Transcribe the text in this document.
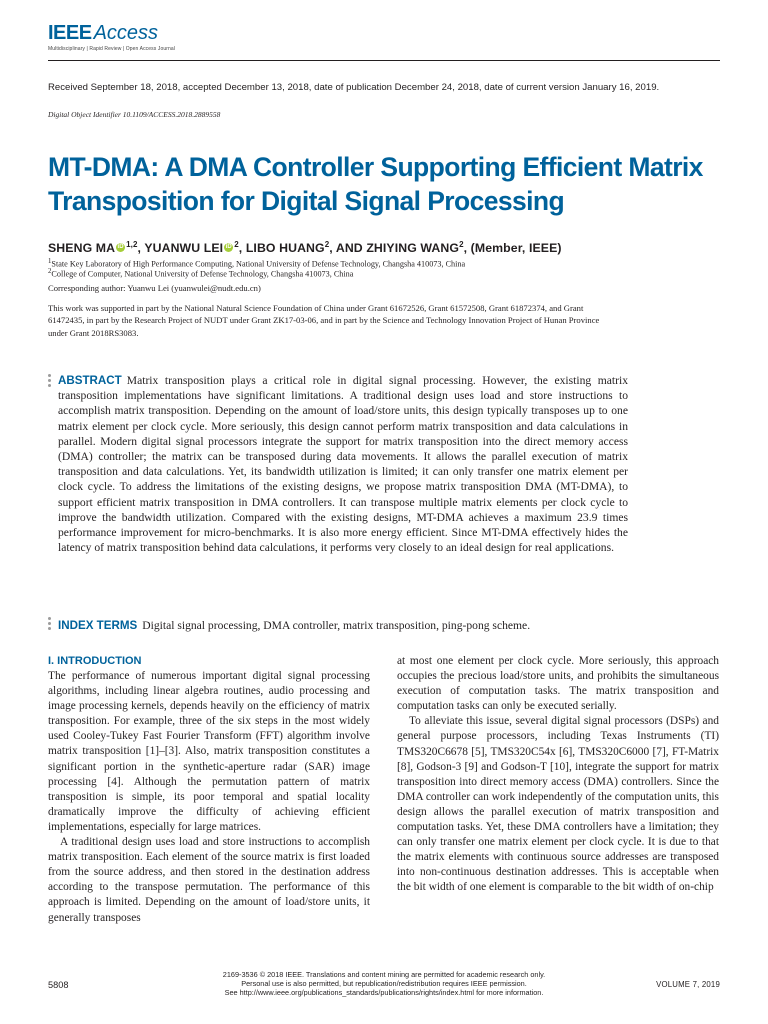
IEEE Access
Multidisciplinary | Rapid Review | Open Access Journal
Received September 18, 2018, accepted December 13, 2018, date of publication December 24, 2018, date of current version January 16, 2019.
Digital Object Identifier 10.1109/ACCESS.2018.2889558
MT-DMA: A DMA Controller Supporting Efficient Matrix Transposition for Digital Signal Processing
SHENG MA iD $^{1,2}$, YUANWU LEI iD $^2$, LIBO HUANG$^2$, AND ZHIYING WANG$^2$, (Member, IEEE)
$^1$State Key Laboratory of High Performance Computing, National University of Defense Technology, Changsha 410073, China
$^2$College of Computer, National University of Defense Technology, Changsha 410073, China
Corresponding author: Yuanwu Lei (yuanwulei@nudt.edu.cn)
This work was supported in part by the National Natural Science Foundation of China under Grant 61672526, Grant 61572508, Grant 61872374, and Grant 61472435, in part by the Research Project of NUDT under Grant ZK17-03-06, and in part by the Science and Technology Innovation Project of Hunan Province under Grant 2018RS3083.
ABSTRACT Matrix transposition plays a critical role in digital signal processing. However, the existing matrix transposition implementations have significant limitations. A traditional design uses load and store instructions to accomplish matrix transposition. Depending on the amount of load/store units, this design typically transposes up to one matrix element per clock cycle. More seriously, this design cannot perform matrix transposition and data calculations in parallel. Modern digital signal processors integrate the support for matrix transposition into the direct memory access (DMA) controller; the matrix can be transposed during data movements. It allows the parallel execution of matrix transposition and data calculations. Yet, its bandwidth utilization is limited; it can only transfer one matrix element per clock cycle. To address the limitations of the existing designs, we propose matrix transposition DMA (MT-DMA), to support efficient matrix transposition in DMA controllers. It can transpose multiple matrix elements per clock cycle to improve the bandwidth utilization. Compared with the existing designs, MT-DMA achieves a maximum 23.9 times performance improvement for micro-benchmarks. It is also more energy efficient. Since MT-DMA effectively hides the latency of matrix transposition behind data calculations, it performs very closely to an ideal design for real applications.
INDEX TERMS Digital signal processing, DMA controller, matrix transposition, ping-pong scheme.
I. INTRODUCTION

The performance of numerous important digital signal processing algorithms, including linear algebra routines, audio processing and image processing kernels, depends heavily on the efficiency of matrix transposition. For example, three of the six steps in the most widely used Cooley-Tukey Fast Fourier Transform (FFT) algorithm involve matrix transposition [1]–[3]. Also, matrix transposition constitutes a significant portion in the synthetic-aperture radar (SAR) image processing [4]. Although the permutation pattern of matrix transposition is simple, its poor temporal and spatial locality dramatically improve the difficulty of achieving efficient implementations, especially for large matrices.

A traditional design uses load and store instructions to accomplish matrix transposition. Each element of the source matrix is first loaded from the source address, and then stored in the destination address according to the transpose permutation. The performance of this approach is limited. Depending on the amount of load/store units, it generally transposes

at most one element per clock cycle. More seriously, this approach occupies the precious load/store units, and prohibits the simultaneous execution of computation tasks. The matrix transposition and computation tasks can only be executed serially.

To alleviate this issue, several digital signal processors (DSPs) and general purpose processors, including Texas Instruments (TI) TMS320C6678 [5], TMS320C54x [6], TMS320C6000 [7], FT-Matrix [8], Godson-3 [9] and Godson-T [10], integrate the support for matrix transposition into direct memory access (DMA) controllers. Since the DMA controller can work independently of the computation units, this design allows the parallel execution of matrix transposition and computation tasks. Yet, these DMA controllers have a limitation; they can only transfer one matrix element per clock cycle. It is due to that the matrix elements with continuous source addresses are transposed into non-continuous destination addresses. This is acceptable when the bit width of one element is comparable to the bit width of on-chip

5808
2169-3536 © 2018 IEEE. Translations and content mining are permitted for academic research only.
Personal use is also permitted, but republication/redistribution requires IEEE permission.
See http://www.ieee.org/publications_standards/publications/rights/index.html for more information.
VOLUME 7, 2019
